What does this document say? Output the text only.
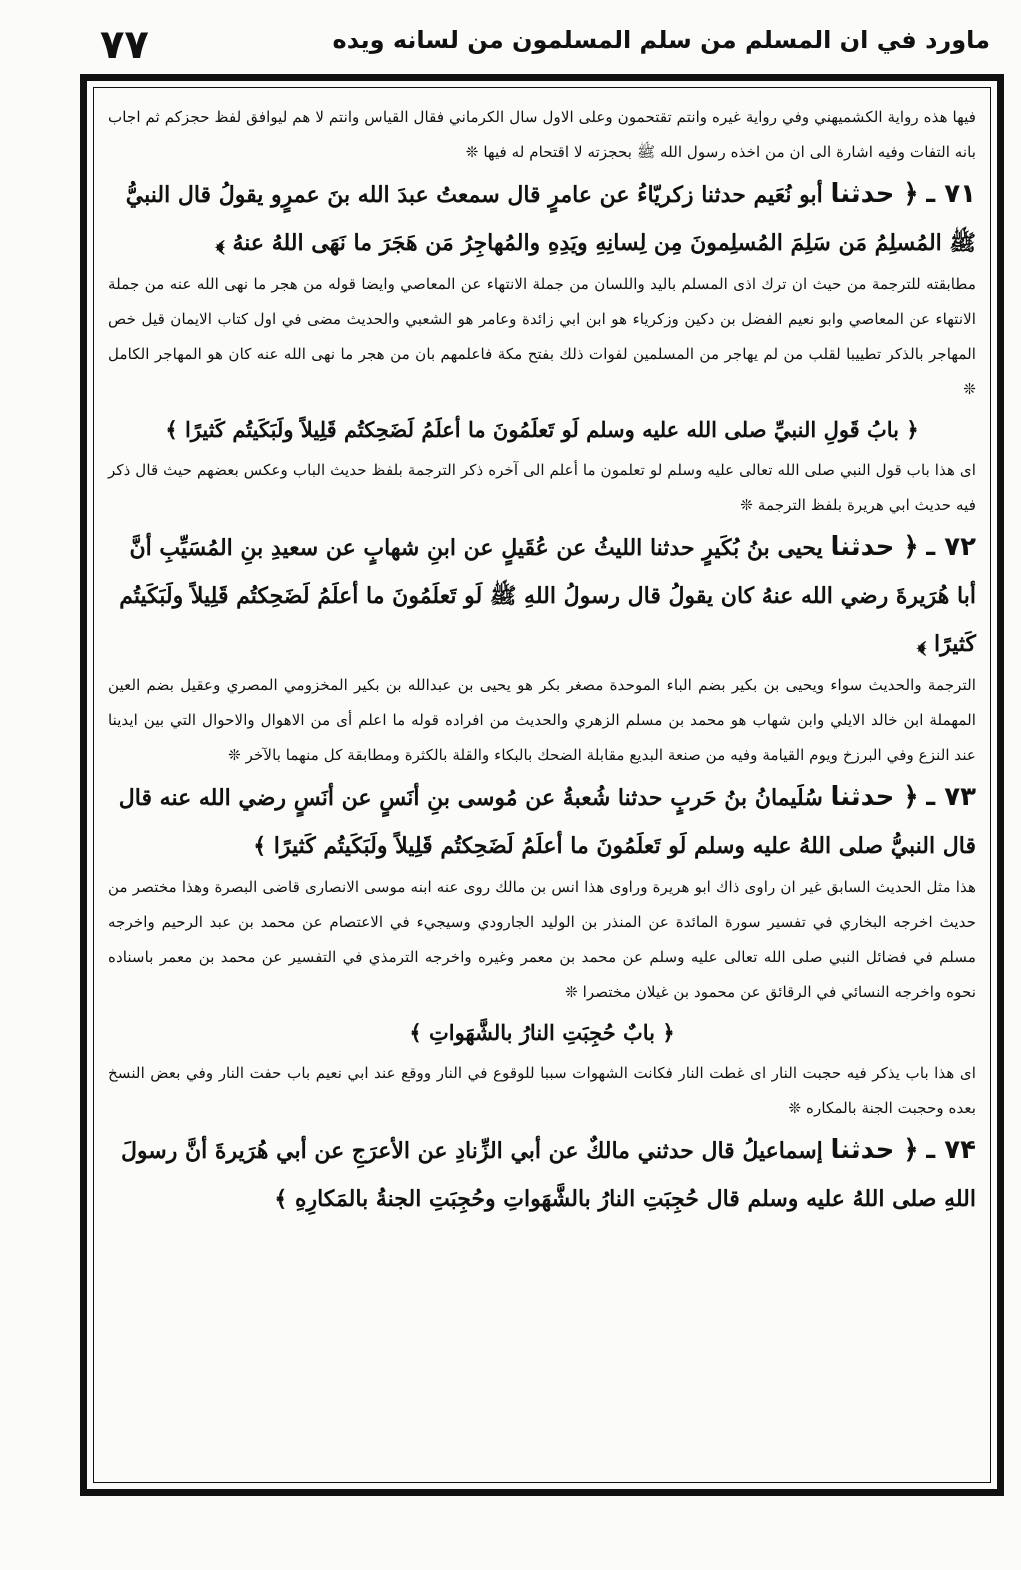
۷۷	ماورد في ان المسلم من سلم المسلمون من لسانه ويده

فيها هذه رواية الكشميهني وفي رواية غيره وانتم تقتحمون وعلى الاول سال الكرماني فقال القياس وانتم لا هم ليوافق لفظ حجزكم ثم اجاب بانه التفات وفيه اشارة الى ان من اخذه رسول الله ﷺ بحجزته لا اقتحام له فيها ❊

۷۱ ـ ﴿ حدثنا أبو نُعَيم حدثنا زكريّاءُ عن عامرٍ قال سمعتُ عبدَ الله بنَ عمرٍو يقولُ قال النبيُّ ﷺ المُسلِمُ مَن سَلِمَ المُسلِمونَ مِن لِسانِهِ ويَدِهِ والمُهاجِرُ مَن هَجَرَ ما نَهَى اللهُ عنهُ ﴾

مطابقته للترجمة من حيث ان ترك اذى المسلم باليد واللسان من جملة الانتهاء عن المعاصي وايضا قوله من هجر ما نهى الله عنه من جملة الانتهاء عن المعاصي وابو نعيم الفضل بن دكين وزكرياء هو ابن ابي زائدة وعامر هو الشعبي والحديث مضى في اول كتاب الايمان قيل خص المهاجر بالذكر تطييبا لقلب من لم يهاجر من المسلمين لفوات ذلك بفتح مكة فاعلمهم بان من هجر ما نهى الله عنه كان هو المهاجر الكامل ❊

﴿ بابُ قَولِ النبيِّ صلى الله عليه وسلم لَو تَعلَمُونَ ما أعلَمُ لَضَحِكتُم قَلِيلاً ولَبَكَيتُم كَثيرًا ﴾

اى هذا باب قول النبي صلى الله تعالى عليه وسلم لو تعلمون ما أعلم الى آخره ذكر الترجمة بلفظ حديث الباب وعكس بعضهم حيث قال ذكر فيه حديث ابي هريرة بلفظ الترجمة ❊

۷۲ ـ ﴿ حدثنا يحيى بنُ بُكَيرٍ حدثنا الليثُ عن عُقَيلٍ عن ابنِ شهابٍ عن سعيدِ بنِ المُسَيِّبِ أنَّ أبا هُرَيرةَ رضي الله عنهُ كان يقولُ قال رسولُ اللهِ ﷺ لَو تَعلَمُونَ ما أعلَمُ لَضَحِكتُم قَلِيلاً ولَبَكَيتُم كَثيرًا ﴾

الترجمة والحديث سواء ويحيى بن بكير بضم الباء الموحدة مصغر بكر هو يحيى بن عبدالله بن بكير المخزومي المصري وعقيل بضم العين المهملة ابن خالد الايلي وابن شهاب هو محمد بن مسلم الزهري والحديث من افراده قوله ما اعلم أى من الاهوال والاحوال التي بين ايدينا عند النزع وفي البرزخ ويوم القيامة وفيه من صنعة البديع مقابلة الضحك بالبكاء والقلة بالكثرة ومطابقة كل منهما بالآخر ❊

۷۳ ـ ﴿ حدثنا سُلَيمانُ بنُ حَربٍ حدثنا شُعبةُ عن مُوسى بنِ أنَسٍ عن أنَسٍ رضي الله عنه قال قال النبيُّ صلى اللهُ عليه وسلم لَو تَعلَمُونَ ما أعلَمُ لَضَحِكتُم قَلِيلاً ولَبَكَيتُم كَثيرًا ﴾

هذا مثل الحديث السابق غير ان راوى ذاك ابو هريرة وراوى هذا انس بن مالك روى عنه ابنه موسى الانصارى قاضى البصرة وهذا مختصر من حديث اخرجه البخاري في تفسير سورة المائدة عن المنذر بن الوليد الجارودي وسيجيء في الاعتصام عن محمد بن عبد الرحيم واخرجه مسلم في فضائل النبي صلى الله تعالى عليه وسلم عن محمد بن معمر وغيره واخرجه الترمذي في التفسير عن محمد بن معمر باسناده نحوه واخرجه النسائي في الرقائق عن محمود بن غيلان مختصرا ❊

﴿ بابٌ حُجِبَتِ النارُ بالشَّهَواتِ ﴾

اى هذا باب يذكر فيه حجبت النار اى غطت النار فكانت الشهوات سببا للوقوع في النار ووقع عند ابي نعيم باب حفت النار وفي بعض النسخ بعده وحجبت الجنة بالمكاره ❊

۷۴ ـ ﴿ حدثنا إسماعيلُ قال حدثني مالكٌ عن أبي الزِّنادِ عن الأعرَجِ عن أبي هُرَيرةَ أنَّ رسولَ اللهِ صلى اللهُ عليه وسلم قال حُجِبَتِ النارُ بالشَّهَواتِ وحُجِبَتِ الجنةُ بالمَكارِهِ ﴾
